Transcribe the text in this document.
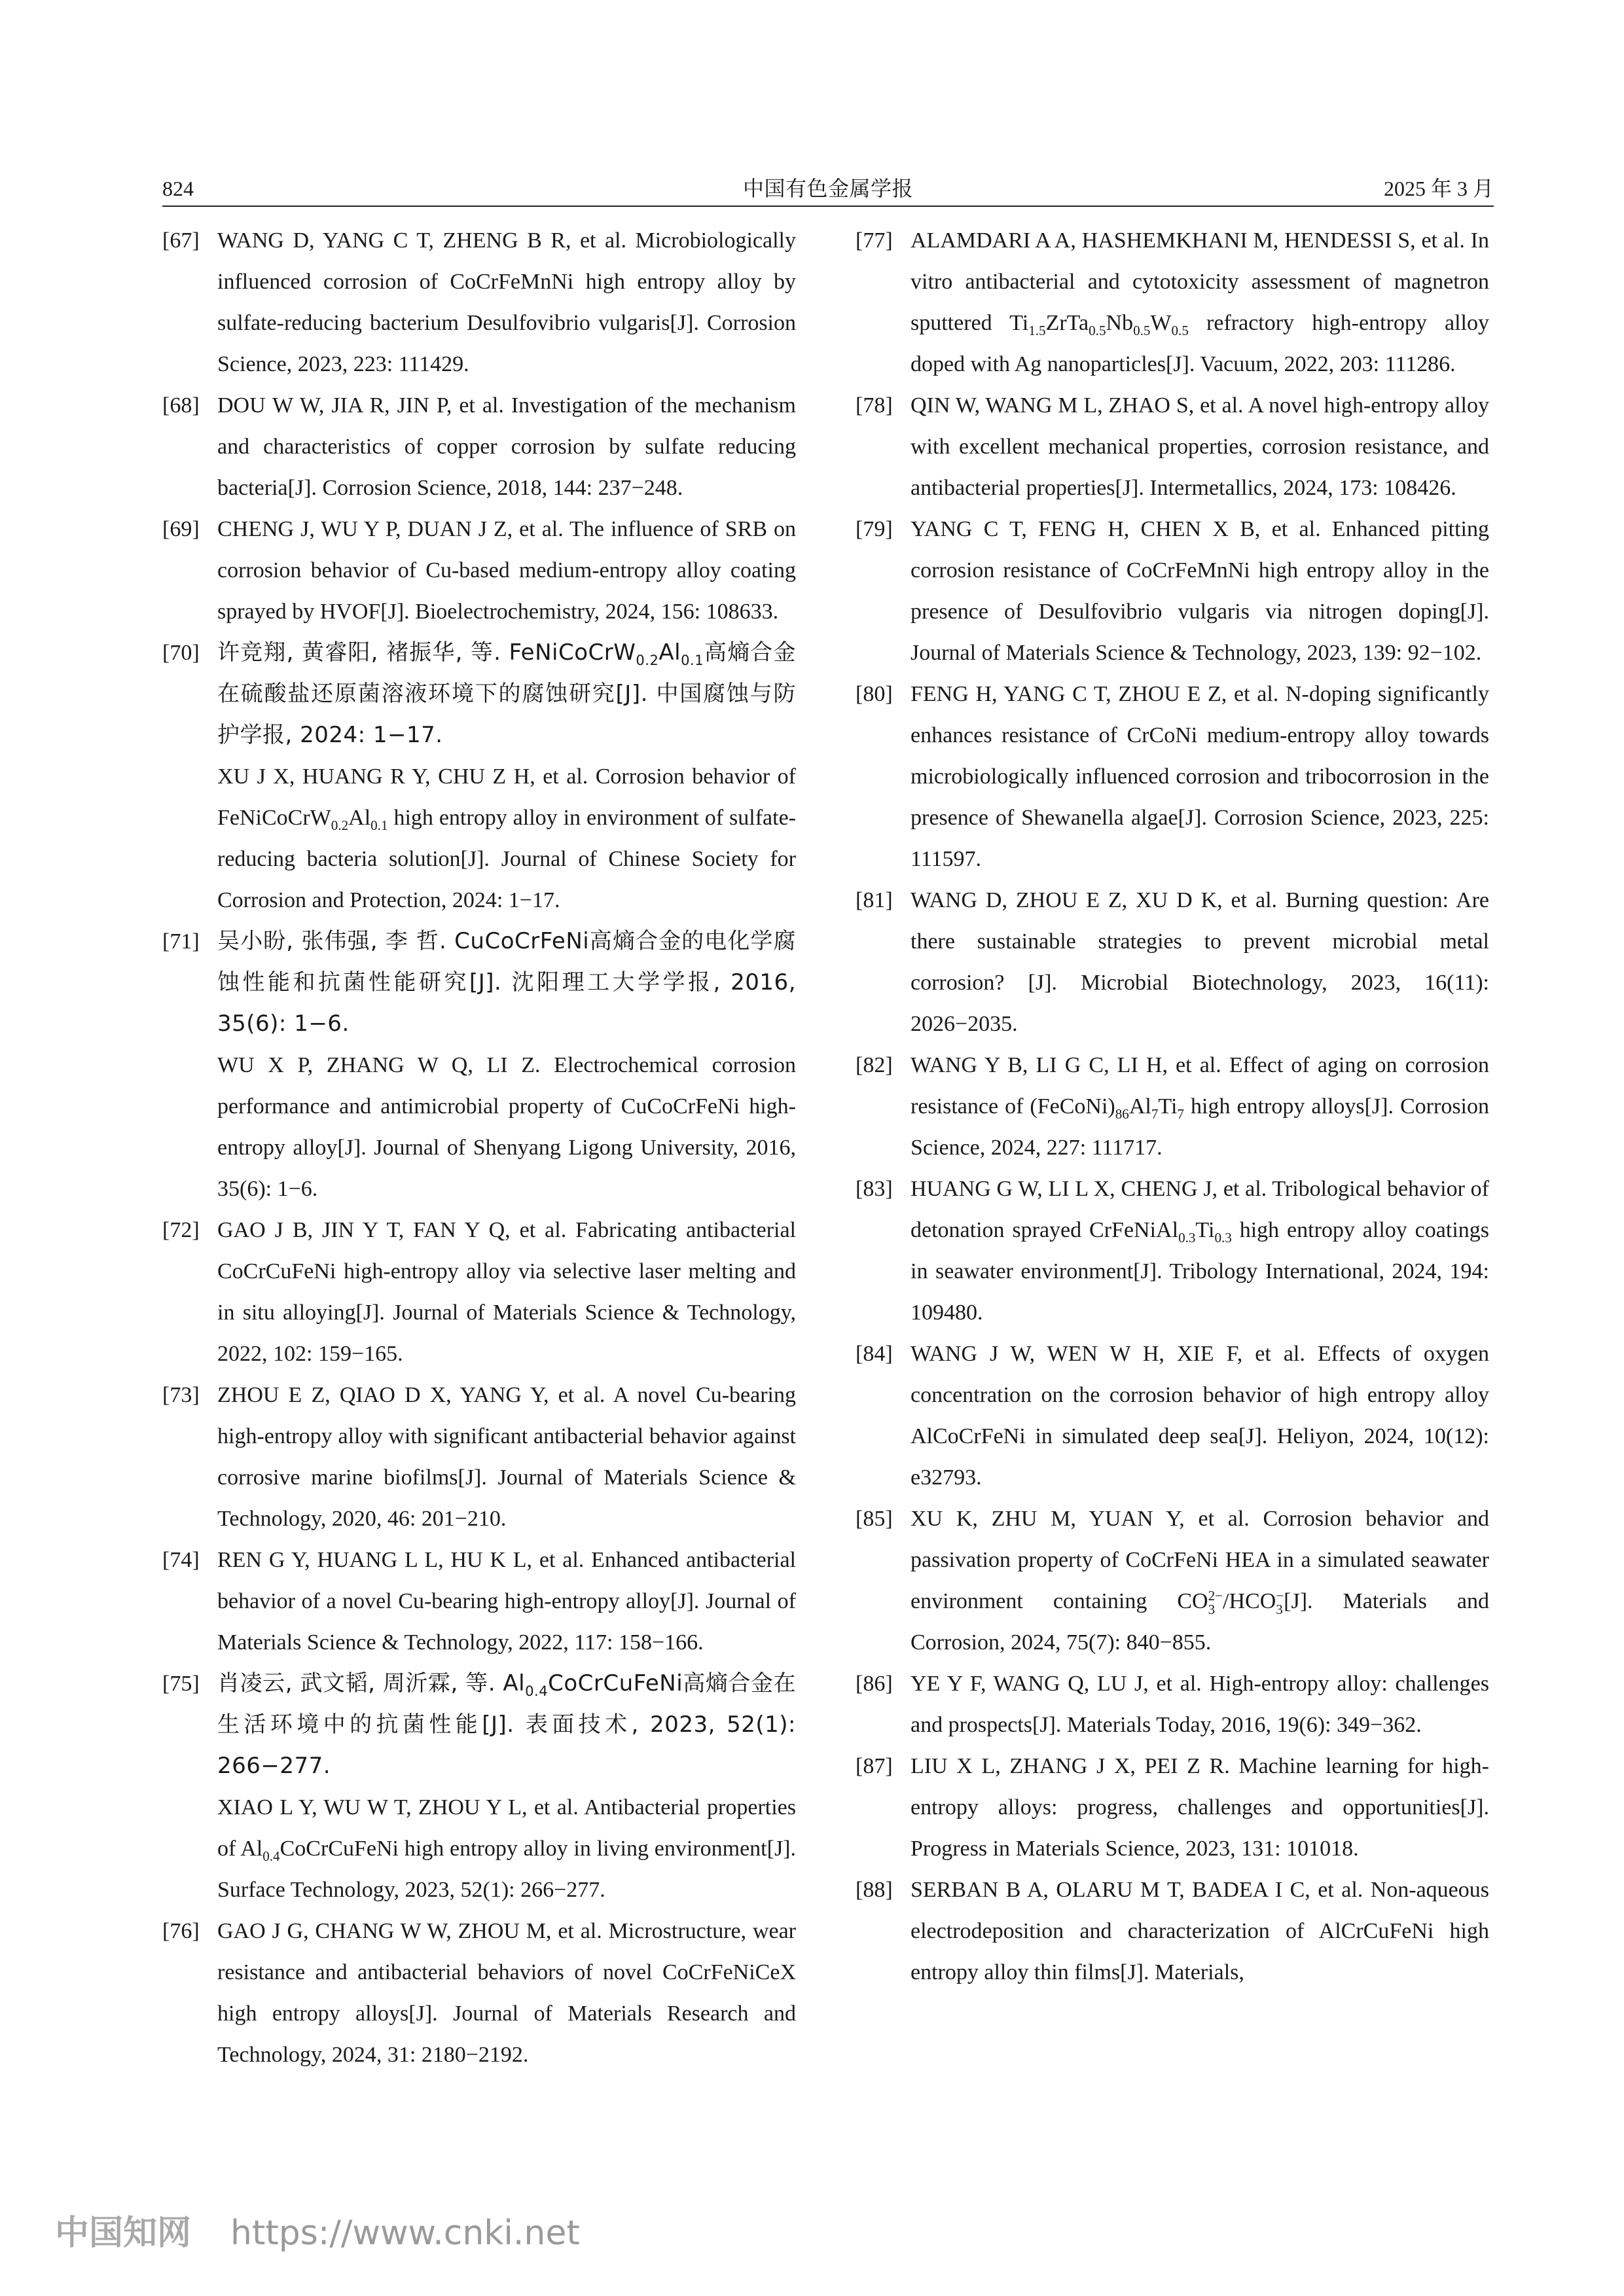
824	中国有色金属学报	2025 年 3 月
[67] WANG D, YANG C T, ZHENG B R, et al. Microbiologically influenced corrosion of CoCrFeMnNi high entropy alloy by sulfate-reducing bacterium Desulfovibrio vulgaris[J]. Corrosion Science, 2023, 223: 111429.
[68] DOU W W, JIA R, JIN P, et al. Investigation of the mechanism and characteristics of copper corrosion by sulfate reducing bacteria[J]. Corrosion Science, 2018, 144: 237−248.
[69] CHENG J, WU Y P, DUAN J Z, et al. The influence of SRB on corrosion behavior of Cu-based medium-entropy alloy coating sprayed by HVOF[J]. Bioelectrochemistry, 2024, 156: 108633.
[70] 许竞翔, 黄睿阳, 褚振华, 等. $FeNiCoCrW_{0.2}Al_{0.1}$高熵合金在硫酸盐还原菌溶液环境下的腐蚀研究[J]. 中国腐蚀与防护学报, 2024: 1−17.
XU J X, HUANG R Y, CHU Z H, et al. Corrosion behavior of $FeNiCoCrW_{0.2}Al_{0.1}$ high entropy alloy in environment of sulfate-reducing bacteria solution[J]. Journal of Chinese Society for Corrosion and Protection, 2024: 1−17.
[71] 吴小盼, 张伟强, 李 哲. CuCoCrFeNi高熵合金的电化学腐蚀性能和抗菌性能研究[J]. 沈阳理工大学学报, 2016, 35(6): 1−6.
WU X P, ZHANG W Q, LI Z. Electrochemical corrosion performance and antimicrobial property of CuCoCrFeNi high-entropy alloy[J]. Journal of Shenyang Ligong University, 2016, 35(6): 1−6.
[72] GAO J B, JIN Y T, FAN Y Q, et al. Fabricating antibacterial CoCrCuFeNi high-entropy alloy via selective laser melting and in situ alloying[J]. Journal of Materials Science & Technology, 2022, 102: 159−165.
[73] ZHOU E Z, QIAO D X, YANG Y, et al. A novel Cu-bearing high-entropy alloy with significant antibacterial behavior against corrosive marine biofilms[J]. Journal of Materials Science & Technology, 2020, 46: 201−210.
[74] REN G Y, HUANG L L, HU K L, et al. Enhanced antibacterial behavior of a novel Cu-bearing high-entropy alloy[J]. Journal of Materials Science & Technology, 2022, 117: 158−166.
[75] 肖凌云, 武文韬, 周沂霖, 等. $Al_{0.4}CoCrCuFeNi$高熵合金在生活环境中的抗菌性能[J]. 表面技术, 2023, 52(1): 266−277.
XIAO L Y, WU W T, ZHOU Y L, et al. Antibacterial properties of $Al_{0.4}CoCrCuFeNi$ high entropy alloy in living environment[J]. Surface Technology, 2023, 52(1): 266−277.
[76] GAO J G, CHANG W W, ZHOU M, et al. Microstructure, wear resistance and antibacterial behaviors of novel CoCrFeNiCeX high entropy alloys[J]. Journal of Materials Research and Technology, 2024, 31: 2180−2192.
[77] ALAMDARI A A, HASHEMKHANI M, HENDESSI S, et al. In vitro antibacterial and cytotoxicity assessment of magnetron sputtered $Ti_{1.5}ZrTa_{0.5}Nb_{0.5}W_{0.5}$ refractory high-entropy alloy doped with Ag nanoparticles[J]. Vacuum, 2022, 203: 111286.
[78] QIN W, WANG M L, ZHAO S, et al. A novel high-entropy alloy with excellent mechanical properties, corrosion resistance, and antibacterial properties[J]. Intermetallics, 2024, 173: 108426.
[79] YANG C T, FENG H, CHEN X B, et al. Enhanced pitting corrosion resistance of CoCrFeMnNi high entropy alloy in the presence of Desulfovibrio vulgaris via nitrogen doping[J]. Journal of Materials Science & Technology, 2023, 139: 92−102.
[80] FENG H, YANG C T, ZHOU E Z, et al. N-doping significantly enhances resistance of CrCoNi medium-entropy alloy towards microbiologically influenced corrosion and tribocorrosion in the presence of Shewanella algae[J]. Corrosion Science, 2023, 225: 111597.
[81] WANG D, ZHOU E Z, XU D K, et al. Burning question: Are there sustainable strategies to prevent microbial metal corrosion? [J]. Microbial Biotechnology, 2023, 16(11): 2026−2035.
[82] WANG Y B, LI G C, LI H, et al. Effect of aging on corrosion resistance of $(FeCoNi)_{86}Al_7Ti_7$ high entropy alloys[J]. Corrosion Science, 2024, 227: 111717.
[83] HUANG G W, LI L X, CHENG J, et al. Tribological behavior of detonation sprayed $CrFeNiAl_{0.3}Ti_{0.3}$ high entropy alloy coatings in seawater environment[J]. Tribology International, 2024, 194: 109480.
[84] WANG J W, WEN W H, XIE F, et al. Effects of oxygen concentration on the corrosion behavior of high entropy alloy AlCoCrFeNi in simulated deep sea[J]. Heliyon, 2024, 10(12): e32793.
[85] XU K, ZHU M, YUAN Y, et al. Corrosion behavior and passivation property of CoCrFeNi HEA in a simulated seawater environment containing CO 2−
3 /HCO −
3 [J]. Materials and Corrosion, 2024, 75(7): 840−855.
[86] YE Y F, WANG Q, LU J, et al. High-entropy alloy: challenges and prospects[J]. Materials Today, 2016, 19(6): 349−362.
[87] LIU X L, ZHANG J X, PEI Z R. Machine learning for high-entropy alloys: progress, challenges and opportunities[J]. Progress in Materials Science, 2023, 131: 101018.
[88] SERBAN B A, OLARU M T, BADEA I C, et al. Non-aqueous electrodeposition and characterization of AlCrCuFeNi high entropy alloy thin films[J]. Materials,
中国知网 https://www.cnki.net
